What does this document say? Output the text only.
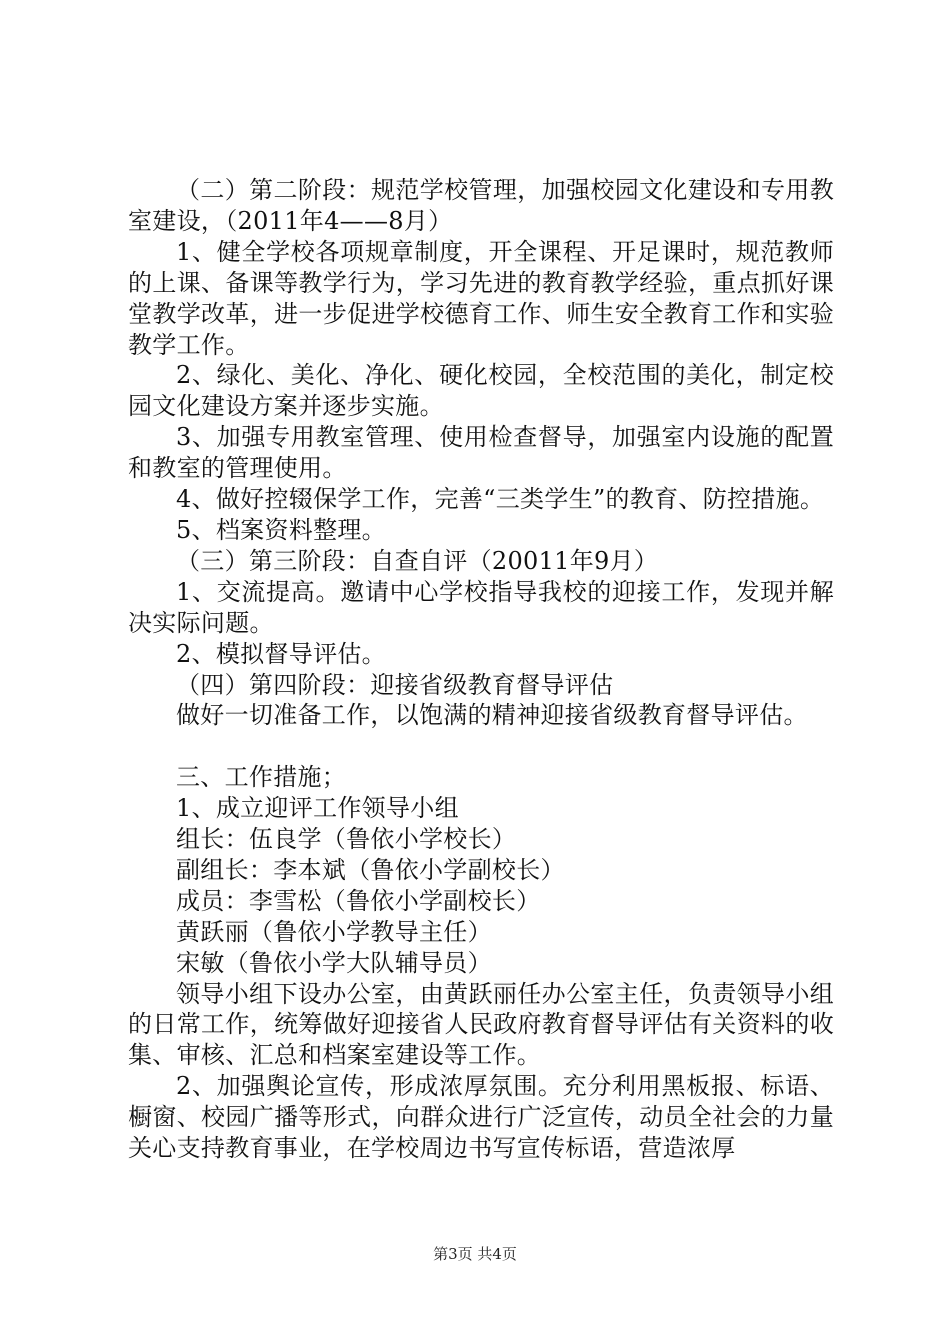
（二）第二阶段：规范学校管理，加强校园文化建设和专用教室建设，（2011年4——8月）

1、健全学校各项规章制度，开全课程、开足课时，规范教师的上课、备课等教学行为，学习先进的教育教学经验，重点抓好课堂教学改革，进一步促进学校德育工作、师生安全教育工作和实验教学工作。

2、绿化、美化、净化、硬化校园，全校范围的美化，制定校园文化建设方案并逐步实施。

3、加强专用教室管理、使用检查督导，加强室内设施的配置和教室的管理使用。

4、做好控辍保学工作，完善“三类学生”的教育、防控措施。

5、档案资料整理。

（三）第三阶段：自查自评（20011年9月）

1、交流提高。邀请中心学校指导我校的迎接工作，发现并解决实际问题。

2、模拟督导评估。

（四）第四阶段：迎接省级教育督导评估

做好一切准备工作，以饱满的精神迎接省级教育督导评估。

三、工作措施；

1、成立迎评工作领导小组

组长：伍良学（鲁依小学校长）

副组长：李本斌（鲁依小学副校长）

成员：李雪松（鲁依小学副校长）

黄跃丽（鲁依小学教导主任）

宋敏（鲁依小学大队辅导员）

领导小组下设办公室，由黄跃丽任办公室主任，负责领导小组的日常工作，统筹做好迎接省人民政府教育督导评估有关资料的收集、审核、汇总和档案室建设等工作。

2、加强舆论宣传，形成浓厚氛围。充分利用黑板报、标语、橱窗、校园广播等形式，向群众进行广泛宣传，动员全社会的力量关心支持教育事业，在学校周边书写宣传标语，营造浓厚

第3页 共4页
